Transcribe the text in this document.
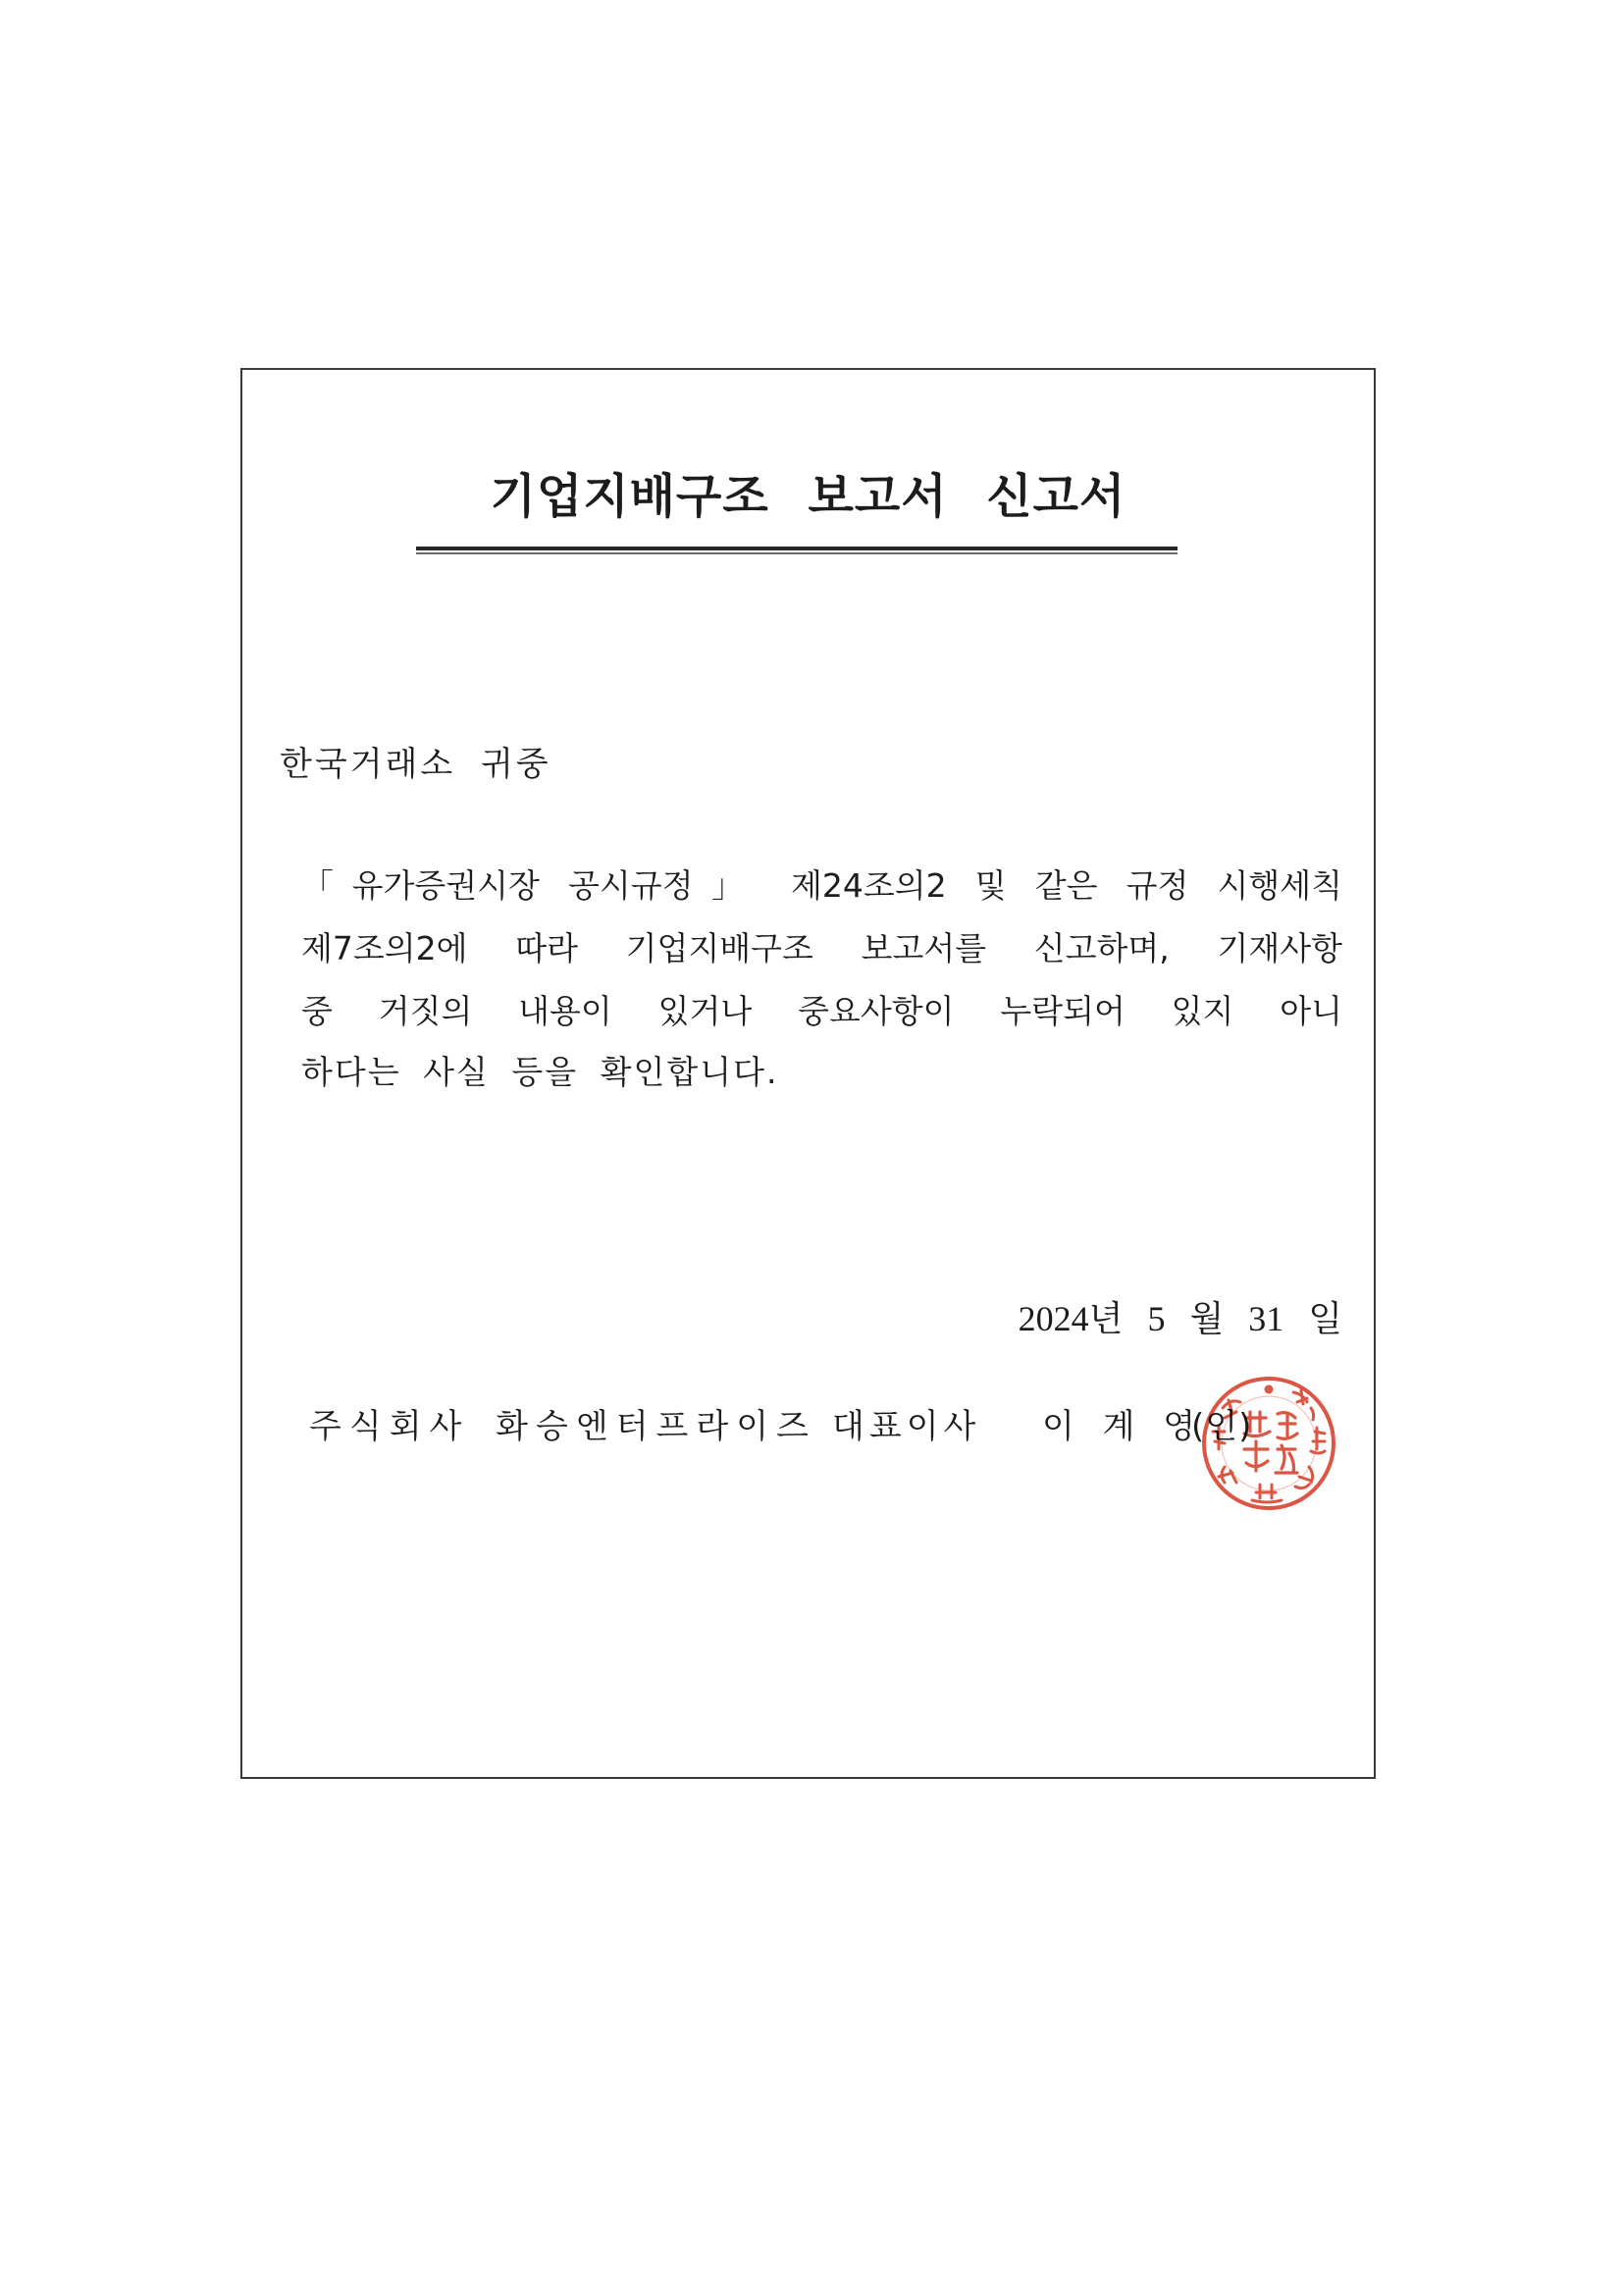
기업지배구조 보고서 신고서
한국거래소 귀중
「유가증권시장 공시규정」 제24조의2 및 같은 규정 시행세칙
제7조의2에 따라 기업지배구조 보고서를 신고하며, 기재사항
중 거짓의 내용이 있거나 중요사항이 누락되어 있지 아니
하다는 사실 등을 확인합니다.
2024년 5 월 31 일
주식회사 화승엔터프라이즈 대표이사 이 계 영
(인)
